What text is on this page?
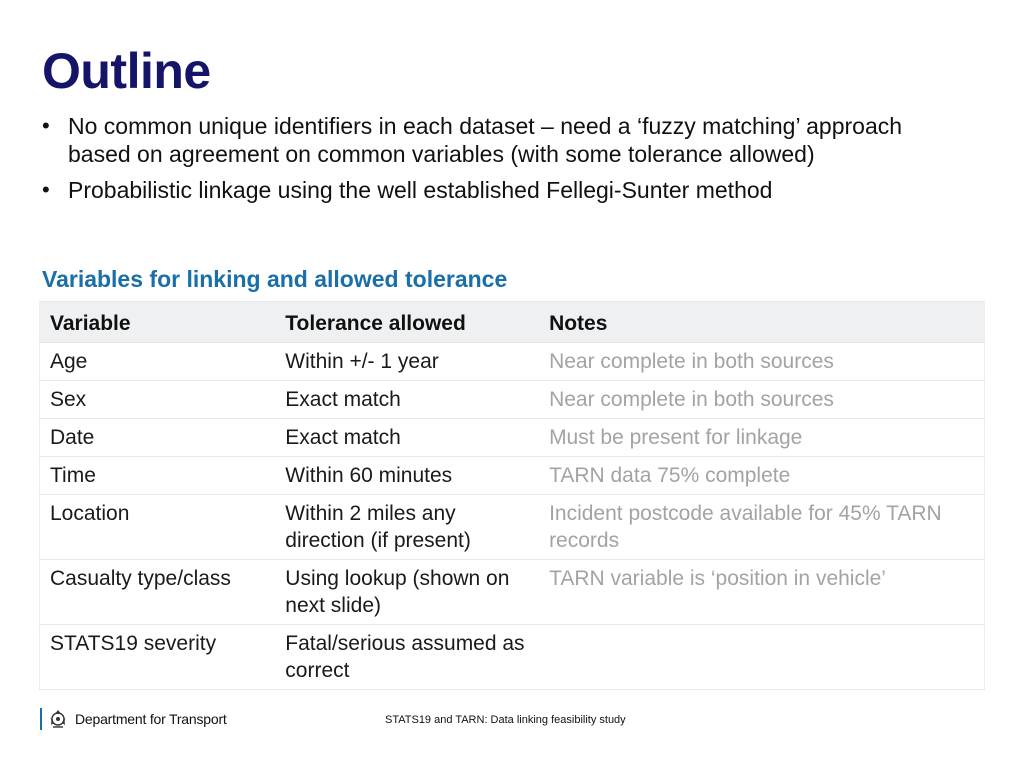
Outline
• No common unique identifiers in each dataset – need a ‘fuzzy matching’ approach based on agreement on common variables (with some tolerance allowed)
• Probabilistic linkage using the well established Fellegi-Sunter method
Variables for linking and allowed tolerance
Variable	Tolerance allowed	Notes
Age	Within +/- 1 year	Near complete in both sources
Sex	Exact match	Near complete in both sources
Date	Exact match	Must be present for linkage
Time	Within 60 minutes	TARN data 75% complete
Location	Within 2 miles any direction (if present)	Incident postcode available for 45% TARN records
Casualty type/class	Using lookup (shown on next slide)	TARN variable is ‘position in vehicle’
STATS19 severity	Fatal/serious assumed as correct	
Department for Transport	STATS19 and TARN: Data linking feasibility study
